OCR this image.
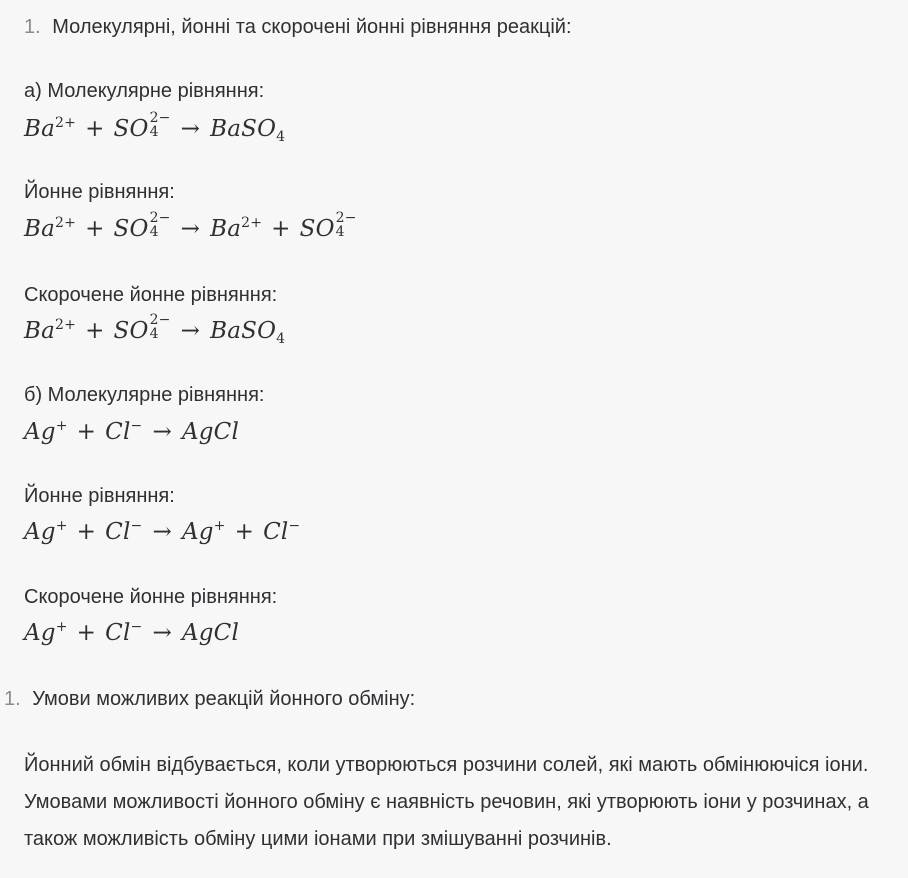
1. Молекулярні, йонні та скорочені йонні рівняння реакцій:
а) Молекулярне рівняння:
$Ba^{2+}$ + SO 2−
4 → BaSO$_4$
Йонне рівняння:
$Ba^{2+}$ + SO 2−
$4 \to Ba^{2+}$ + SO 2−
4
Скорочене йонне рівняння:
$Ba^{2+}$ + SO 2−
4 → BaSO$_4$
б) Молекулярне рівняння:
Ag+ + Cl− → AgCl
Йонне рівняння:
Ag+ + Cl− → Ag+ + Cl−
Скорочене йонне рівняння:
Ag+ + Cl− → AgCl
1. Умови можливих реакцій йонного обміну:
Йонний обмін відбувається, коли утворюються розчини солей, які мають обмінюючіся іони. Умовами можливості йонного обміну є наявність речовин, які утворюють іони у розчинах, а також можливість обміну цими іонами при змішуванні розчинів.
